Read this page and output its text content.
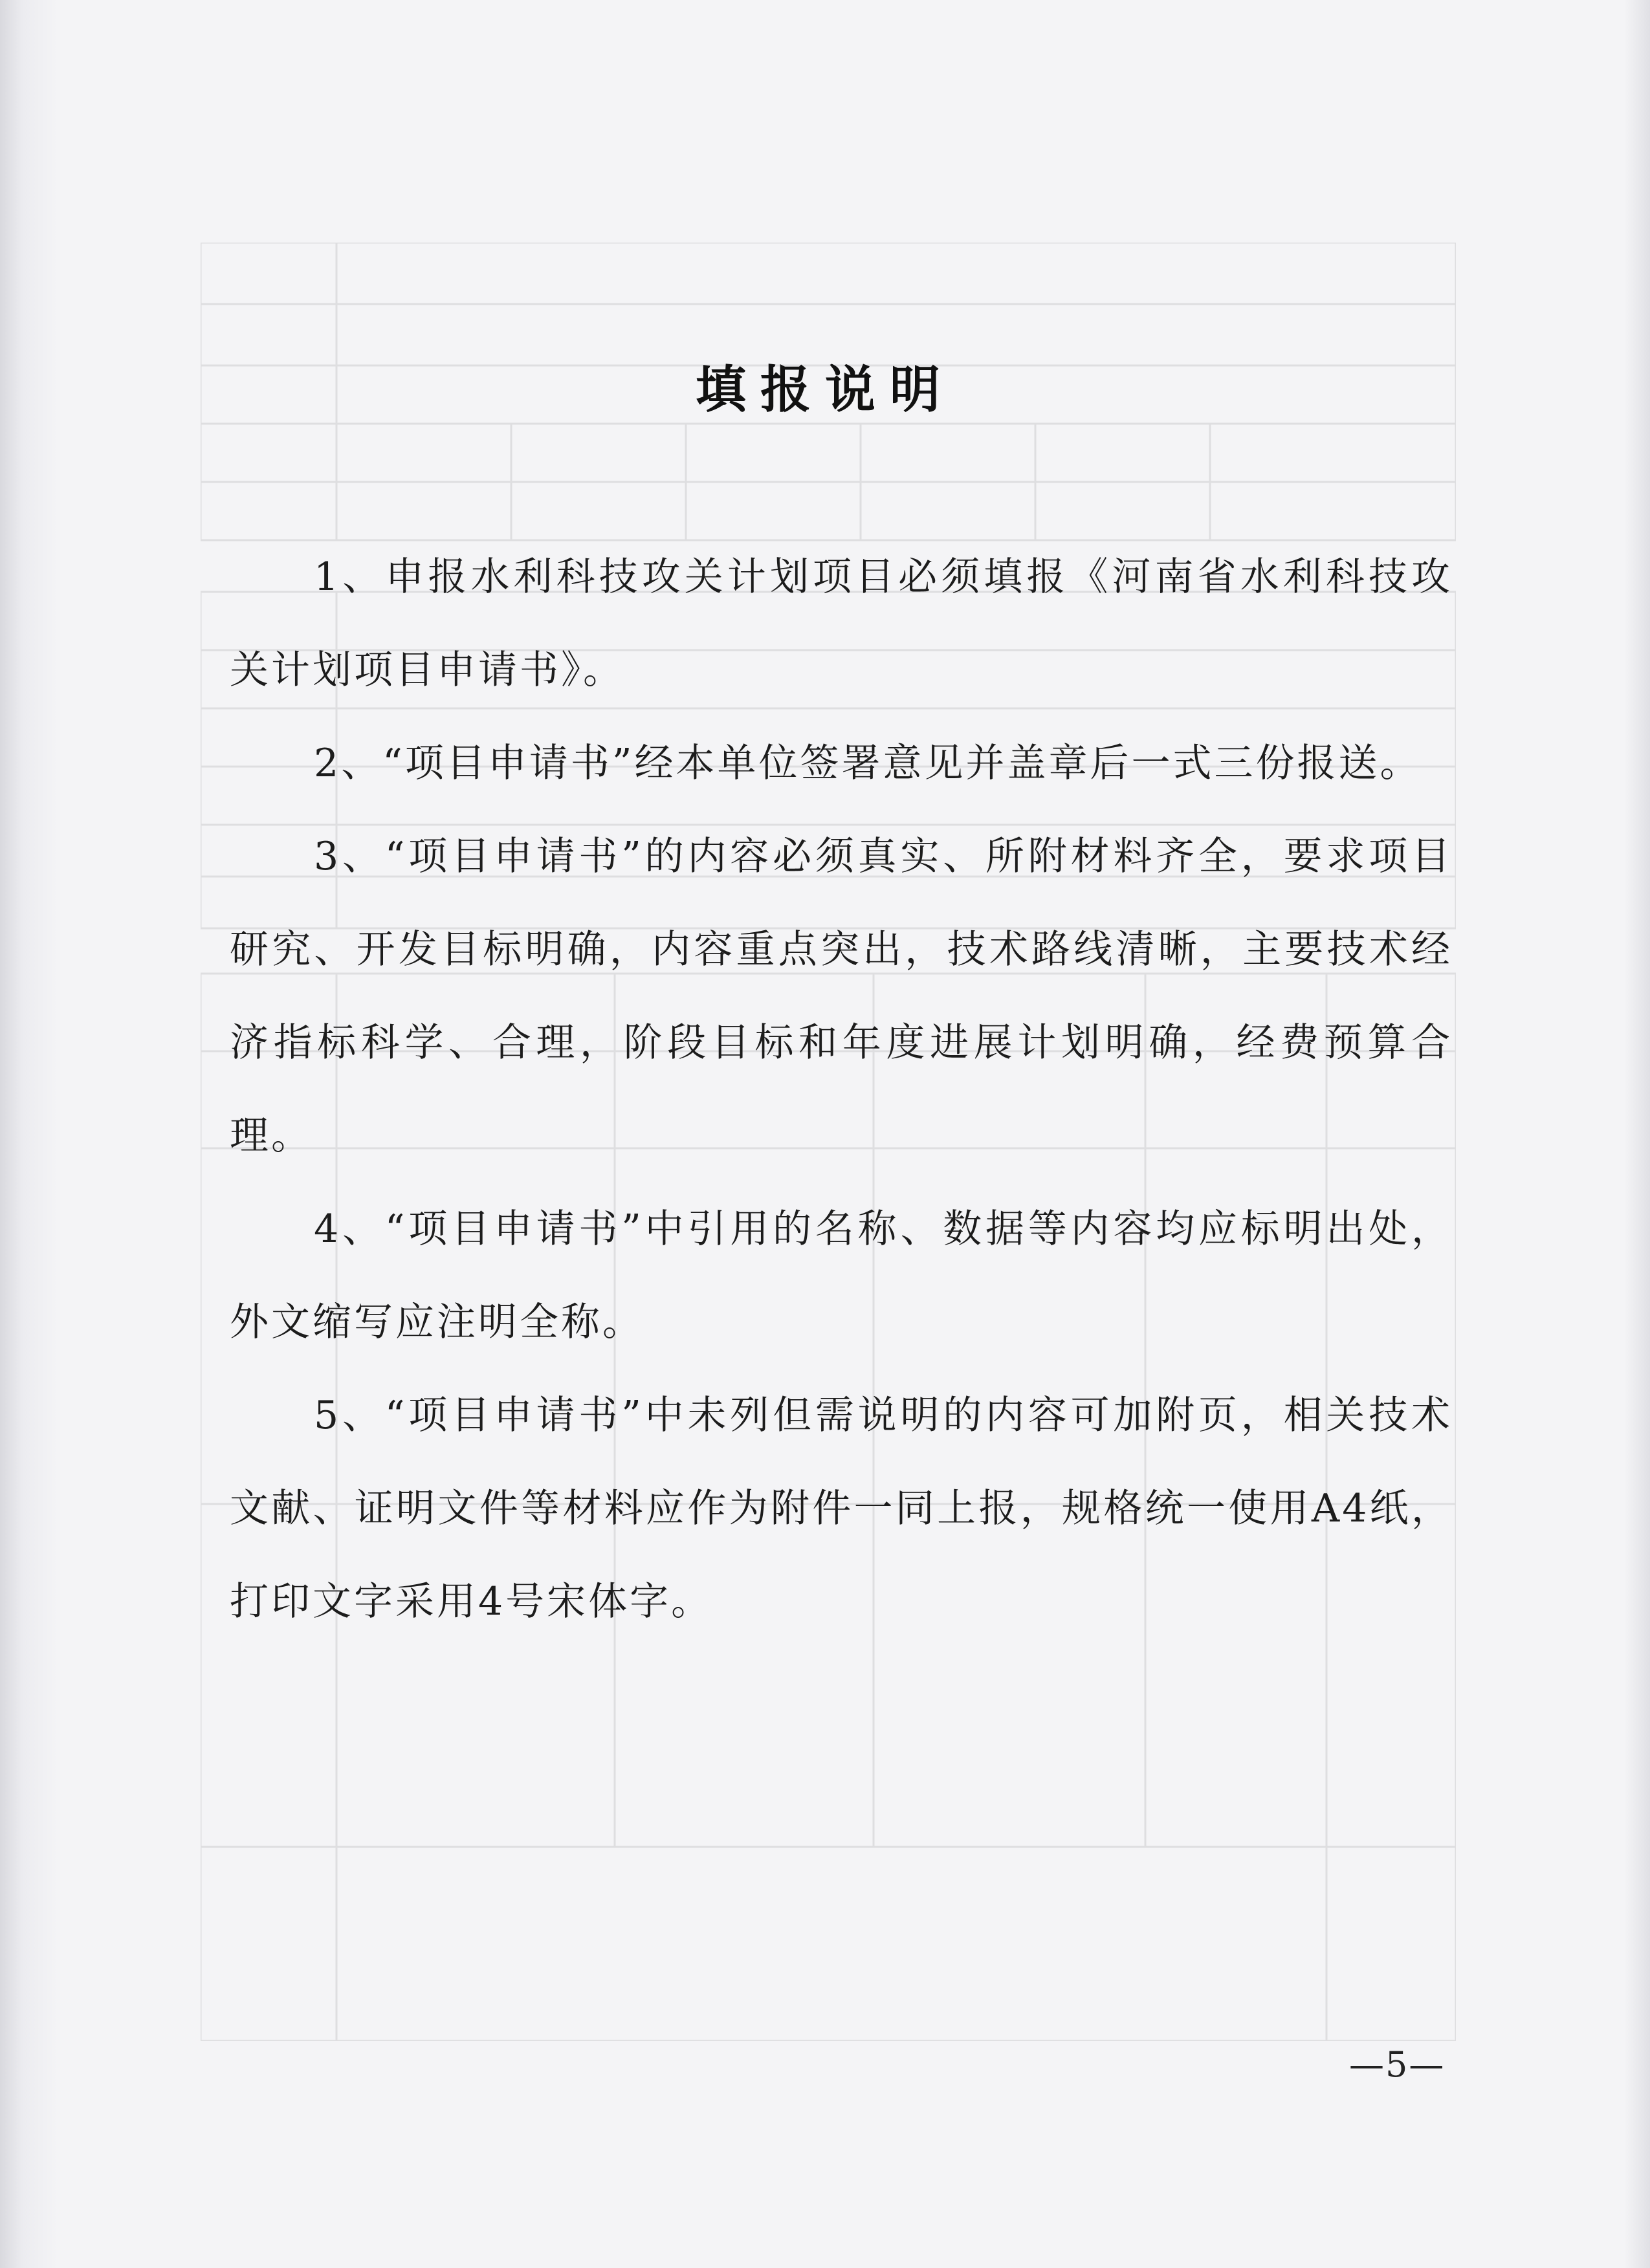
填报说明

1、申报水利科技攻关计划项目必须填报《河南省水利科技攻关计划项目申请书》。

2、“项目申请书”经本单位签署意见并盖章后一式三份报送。

3、“项目申请书”的内容必须真实、所附材料齐全，要求项目研究、开发目标明确，内容重点突出，技术路线清晰，主要技术经济指标科学、合理，阶段目标和年度进展计划明确，经费预算合理。

4、“项目申请书”中引用的名称、数据等内容均应标明出处，外文缩写应注明全称。

5、“项目申请书”中未列但需说明的内容可加附页，相关技术文献、证明文件等材料应作为附件一同上报，规格统一使用A4纸，打印文字采用4号宋体字。

—5—
